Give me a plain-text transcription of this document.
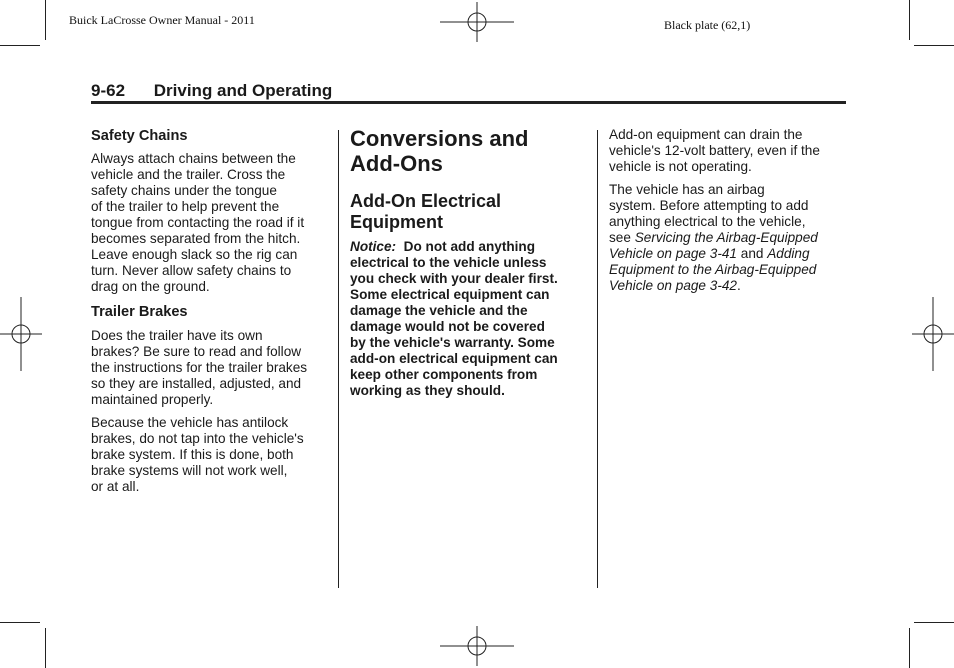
Buick LaCrosse Owner Manual - 2011	Black plate (62,1)
9-62 Driving and Operating
Safety Chains

Always attach chains between the
vehicle and the trailer. Cross the
safety chains under the tongue
of the trailer to help prevent the
tongue from contacting the road if it
becomes separated from the hitch.
Leave enough slack so the rig can
turn. Never allow safety chains to
drag on the ground.

Trailer Brakes

Does the trailer have its own
brakes? Be sure to read and follow
the instructions for the trailer brakes
so they are installed, adjusted, and
maintained properly.

Because the vehicle has antilock
brakes, do not tap into the vehicle's
brake system. If this is done, both
brake systems will not work well,
or at all.

Conversions and
Add-Ons
Add-On Electrical
Equipment

Notice: Do not add anything
electrical to the vehicle unless
you check with your dealer first.
Some electrical equipment can
damage the vehicle and the
damage would not be covered
by the vehicle's warranty. Some
add-on electrical equipment can
keep other components from
working as they should.

Add-on equipment can drain the
vehicle's 12-volt battery, even if the
vehicle is not operating.

The vehicle has an airbag
system. Before attempting to add
anything electrical to the vehicle,
see Servicing the Airbag-Equipped
Vehicle on page 3-41 and Adding
Equipment to the Airbag-Equipped
Vehicle on page 3-42.
